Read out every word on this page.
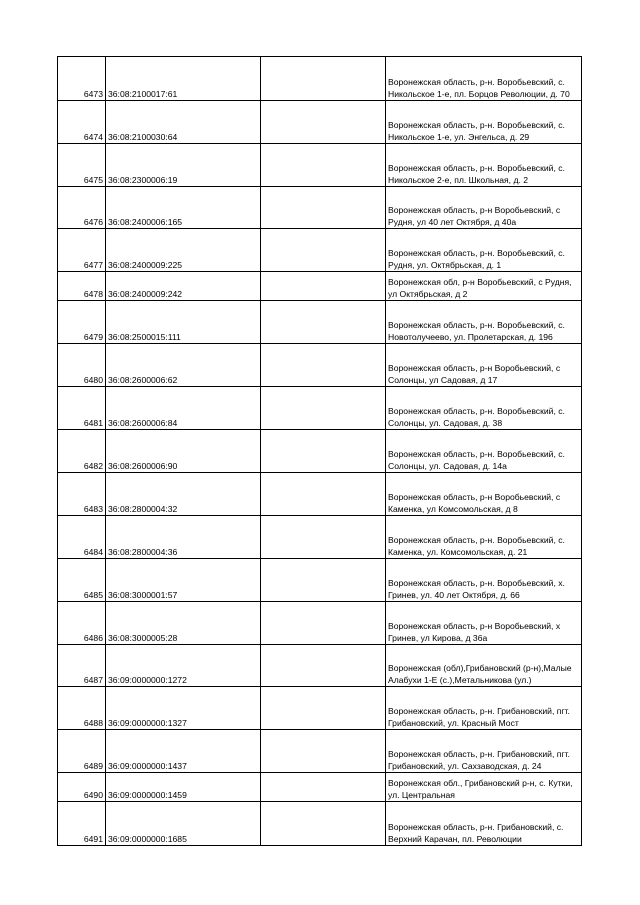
6473	36:08:2100017:61		Воронежская область, р-н. Воробьевский, с. Никольское 1-е, пл. Борцов Революции, д. 70
6474	36:08:2100030:64		Воронежская область, р-н. Воробьевский, с. Никольское 1-е, ул. Энгельса, д. 29
6475	36:08:2300006:19		Воронежская область, р-н. Воробьевский, с. Никольское 2-е, пл. Школьная, д. 2
6476	36:08:2400006:165		Воронежская область, р-н Воробьевский, с Рудня, ул 40 лет Октября, д 40а
6477	36:08:2400009:225		Воронежская область, р-н. Воробьевский, с. Рудня, ул. Октябрьская, д. 1
6478	36:08:2400009:242		Воронежская обл, р-н Воробьевский, с Рудня, ул Октябрьская, д 2
6479	36:08:2500015:111		Воронежская область, р-н. Воробьевский, с. Новотолучеево, ул. Пролетарская, д. 196
6480	36:08:2600006:62		Воронежская область, р-н Воробьевский, с Солонцы, ул Садовая, д 17
6481	36:08:2600006:84		Воронежская область, р-н. Воробьевский, с. Солонцы, ул. Садовая, д. 38
6482	36:08:2600006:90		Воронежская область, р-н. Воробьевский, с. Солонцы, ул. Садовая, д. 14а
6483	36:08:2800004:32		Воронежская область, р-н Воробьевский, с Каменка, ул Комсомольская, д 8
6484	36:08:2800004:36		Воронежская область, р-н. Воробьевский, с. Каменка, ул. Комсомольская, д. 21
6485	36:08:3000001:57		Воронежская область, р-н. Воробьевский, х. Гринев, ул. 40 лет Октября, д. 66
6486	36:08:3000005:28		Воронежская область, р-н Воробьевский, х Гринев, ул Кирова, д 36а
6487	36:09:0000000:1272		Воронежская (обл),Грибановский (р-н),Малые Алабухи 1-Е (с.),Метальникова (ул.)
6488	36:09:0000000:1327		Воронежская область, р-н. Грибановский, пгт. Грибановский, ул. Красный Мост
6489	36:09:0000000:1437		Воронежская область, р-н. Грибановский, пгт. Грибановский, ул. Сахзаводская, д. 24
6490	36:09:0000000:1459		Воронежская обл., Грибановский р-н, с. Кутки, ул. Центральная
6491	36:09:0000000:1685		Воронежская область, р-н. Грибановский, с. Верхний Карачан, пл. Революции
